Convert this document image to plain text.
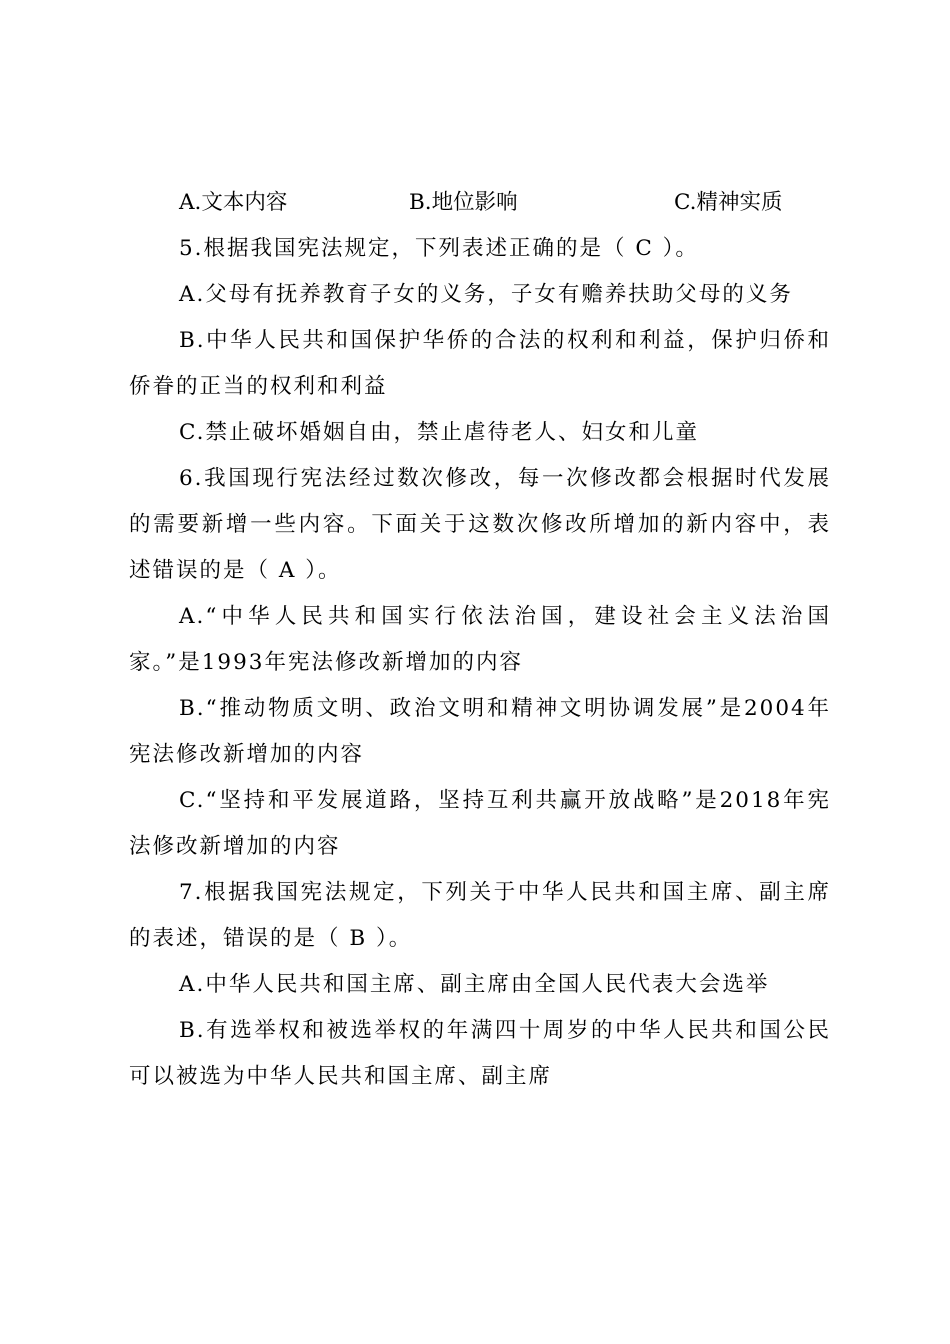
A.文本内容	B.地位影响	C.精神实质

5.根据我国宪法规定，下列表述正确的是（ C ）。

A.父母有抚养教育子女的义务，子女有赡养扶助父母的义务

B.中华人民共和国保护华侨的合法的权利和利益，保护归侨和侨眷的正当的权利和利益

C.禁止破坏婚姻自由，禁止虐待老人、妇女和儿童

6.我国现行宪法经过数次修改，每一次修改都会根据时代发展的需要新增一些内容。下面关于这数次修改所增加的新内容中，表述错误的是（ A ）。

A.“中华人民共和国实行依法治国，建设社会主义法治国家。”是1993年宪法修改新增加的内容

B.“推动物质文明、政治文明和精神文明协调发展”是2004年宪法修改新增加的内容

C.“坚持和平发展道路，坚持互利共赢开放战略”是2018年宪法修改新增加的内容

7.根据我国宪法规定，下列关于中华人民共和国主席、副主席的表述，错误的是（ B ）。

A.中华人民共和国主席、副主席由全国人民代表大会选举

B.有选举权和被选举权的年满四十周岁的中华人民共和国公民可以被选为中华人民共和国主席、副主席
